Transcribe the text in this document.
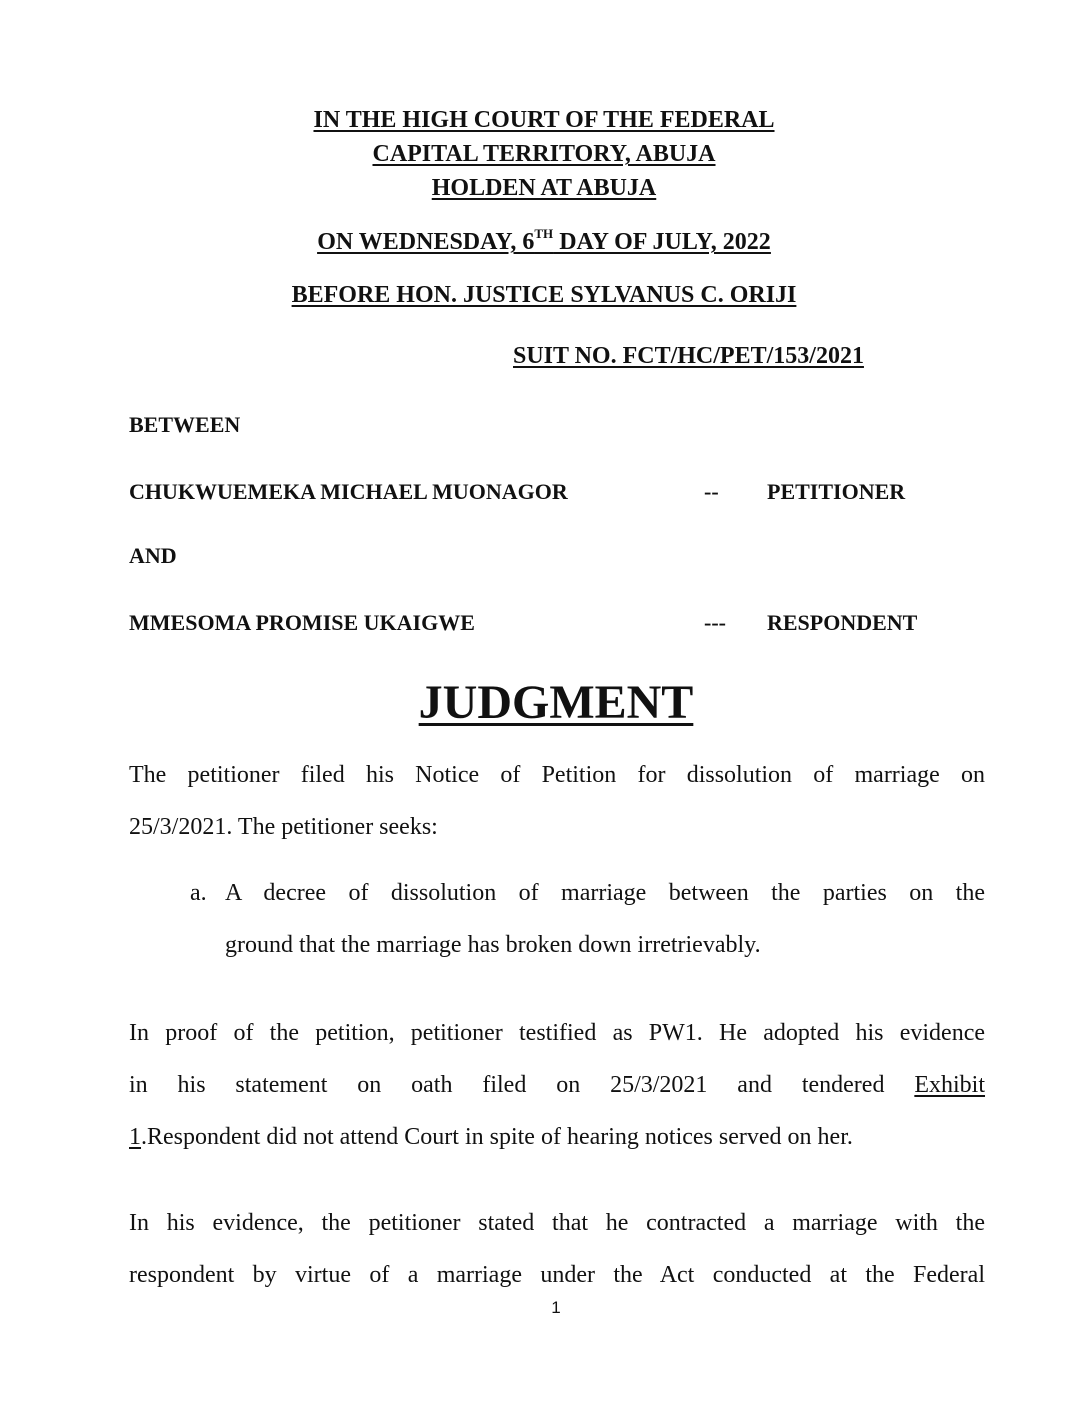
IN THE HIGH COURT OF THE FEDERAL
CAPITAL TERRITORY, ABUJA
HOLDEN AT ABUJA
ON WEDNESDAY, 6TH DAY OF JULY, 2022
BEFORE HON. JUSTICE SYLVANUS C. ORIJI
SUIT NO. FCT/HC/PET/153/2021
BETWEEN
CHUKWUEMEKA MICHAEL MUONAGOR	-- PETITIONER
AND
MMESOMA PROMISE UKAIGWE	--- RESPONDENT
JUDGMENT
The petitioner filed his Notice of Petition for dissolution of marriage on
25/3/2021. The petitioner seeks:
a. A decree of dissolution of marriage between the parties on the
ground that the marriage has broken down irretrievably.
In proof of the petition, petitioner testified as PW1. He adopted his evidence
in his statement on oath filed on 25/3/2021 and tendered Exhibit
1.Respondent did not attend Court in spite of hearing notices served on her.
In his evidence, the petitioner stated that he contracted a marriage with the
respondent by virtue of a marriage under the Act conducted at the Federal
1
